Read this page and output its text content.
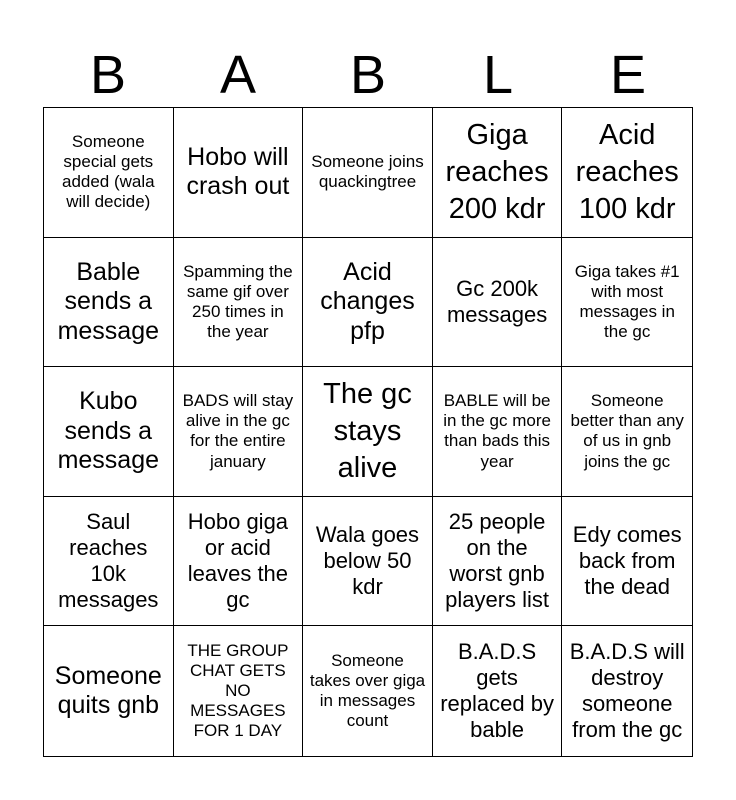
B	A	B	L	E
Someone special gets added (wala will decide)
Hobo will crash out
Someone joins quackingtree
Giga reaches 200 kdr
Acid reaches 100 kdr
Bable sends a message
Spamming the same gif over 250 times in the year
Acid changes pfp
Gc 200k messages
Giga takes #1 with most messages in the gc
Kubo sends a message
BADS will stay alive in the gc for the entire january
The gc stays alive
BABLE will be in the gc more than bads this year
Someone better than any of us in gnb joins the gc
Saul reaches 10k messages
Hobo giga or acid leaves the gc
Wala goes below 50 kdr
25 people on the worst gnb players list
Edy comes back from the dead
Someone quits gnb
THE GROUP CHAT GETS NO MESSAGES FOR 1 DAY
Someone takes over giga in messages count
B.A.D.S gets replaced by bable
B.A.D.S will destroy someone from the gc
